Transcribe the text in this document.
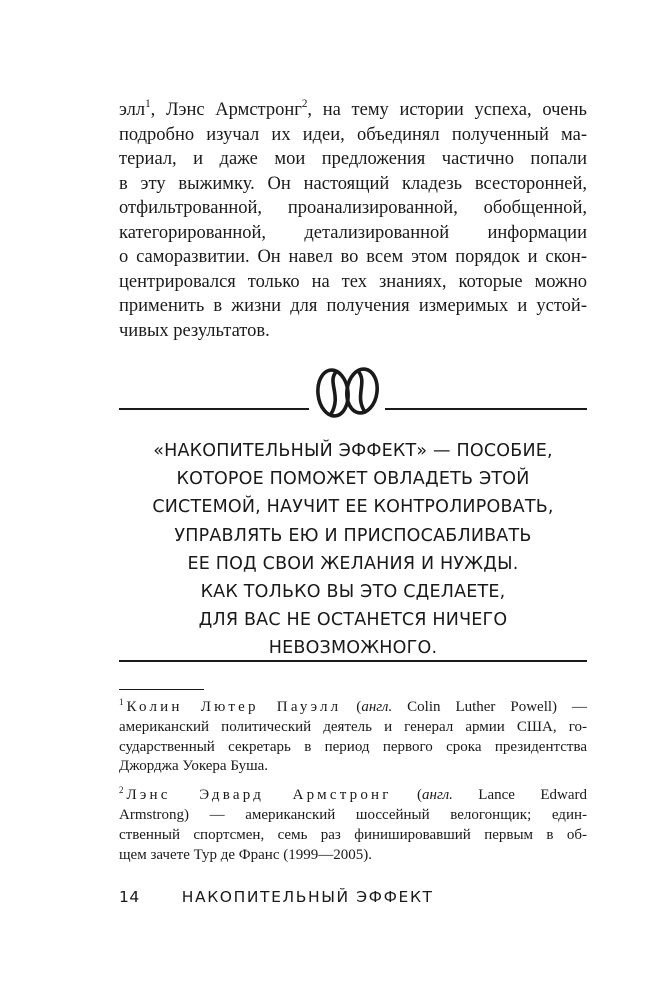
элл$^1$, Лэнс Армстронг$^2$, на тему истории успеха, очень
подробно изучал их идеи, объединял полученный ма-
териал, и даже мои предложения частично попали
в эту выжимку. Он настоящий кладезь всесторонней,
отфильтрованной, проанализированной, обобщенной,
категорированной, детализированной информации
о саморазвитии. Он навел во всем этом порядок и скон-
центрировался только на тех знаниях, которые можно
применить в жизни для получения измеримых и устой-
чивых результатов.
«НАКОПИТЕЛЬНЫЙ ЭФФЕКТ» — ПОСОБИЕ,
КОТОРОЕ ПОМОЖЕТ ОВЛАДЕТЬ ЭТОЙ
СИСТЕМОЙ, НАУЧИТ ЕЕ КОНТРОЛИРОВАТЬ,
УПРАВЛЯТЬ ЕЮ И ПРИСПОСАБЛИВАТЬ
ЕЕ ПОД СВОИ ЖЕЛАНИЯ И НУЖДЫ.
КАК ТОЛЬКО ВЫ ЭТО СДЕЛАЕТЕ,
ДЛЯ ВАС НЕ ОСТАНЕТСЯ НИЧЕГО
НЕВОЗМОЖНОГО.
$^1$ Колин Лютер Пауэлл (англ. Colin Luther Powell) —
американский политический деятель и генерал армии США, го-
сударственный секретарь в период первого срока президентства
Джорджа Уокера Буша.
$^2$ Лэнс Эдвард Армстронг (англ. Lance Edward
Armstrong) — американский шоссейный велогонщик; един-
ственный спортсмен, семь раз финишировавший первым в об-
щем зачете Тур де Франс (1999—2005).
14	НАКОПИТЕЛЬНЫЙ ЭФФЕКТ
